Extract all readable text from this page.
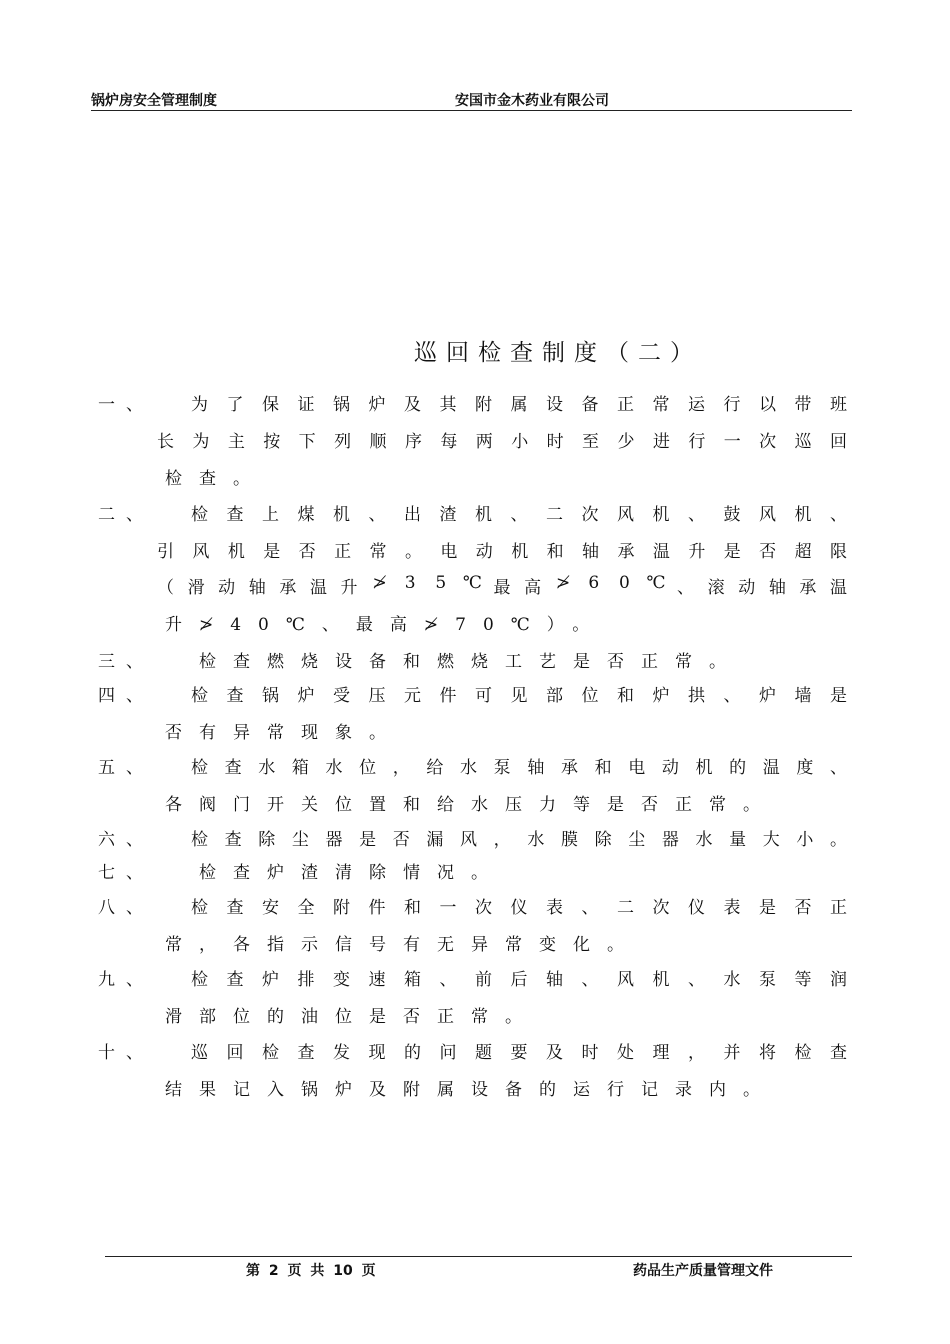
锅炉房安全管理制度	安国市金木药业有限公司
巡回检查制度（二）
一、 为 了 保 证 锅 炉 及 其 附 属 设 备 正 常 运 行 以 带 班
长 为 主 按 下 列 顺 序 每 两 小 时 至 少 进 行 一 次 巡 回
检查。
二、 检 查 上 煤 机 、 出 渣 机 、 二 次 风 机 、 鼓 风 机 、
引 风 机 是 否 正 常 。 电 动 机 和 轴 承 温 升 是 否 超 限
（ 滑 动 轴 承 温 升 ≯ 3 5 ℃ 最 高 ≯ 6 0 ℃ 、 滚 动 轴 承 温
升≯40℃、最高≯70℃）。
三、	检查燃烧设备和燃烧工艺是否正常。
四、 检 查 锅 炉 受 压 元 件 可 见 部 位 和 炉 拱 、 炉 墙 是
否有异常现象。
五、 检 查 水 箱 水 位 ， 给 水 泵 轴 承 和 电 动 机 的 温 度 、
各阀门开关位置和给水压力等是否正常。
六、 检 查 除 尘 器 是 否 漏 风 ， 水 膜 除 尘 器 水 量 大 小 。
七、	检查炉渣清除情况。
八、 检 查 安 全 附 件 和 一 次 仪 表 、 二 次 仪 表 是 否 正
常，各指示信号有无异常变化。
九、 检 查 炉 排 变 速 箱 、 前 后 轴 、 风 机 、 水 泵 等 润
滑部位的油位是否正常。
十、 巡 回 检 查 发 现 的 问 题 要 及 时 处 理 ， 并 将 检 查
结果记入锅炉及附属设备的运行记录内。
第 2 页 共 10 页	药品生产质量管理文件
